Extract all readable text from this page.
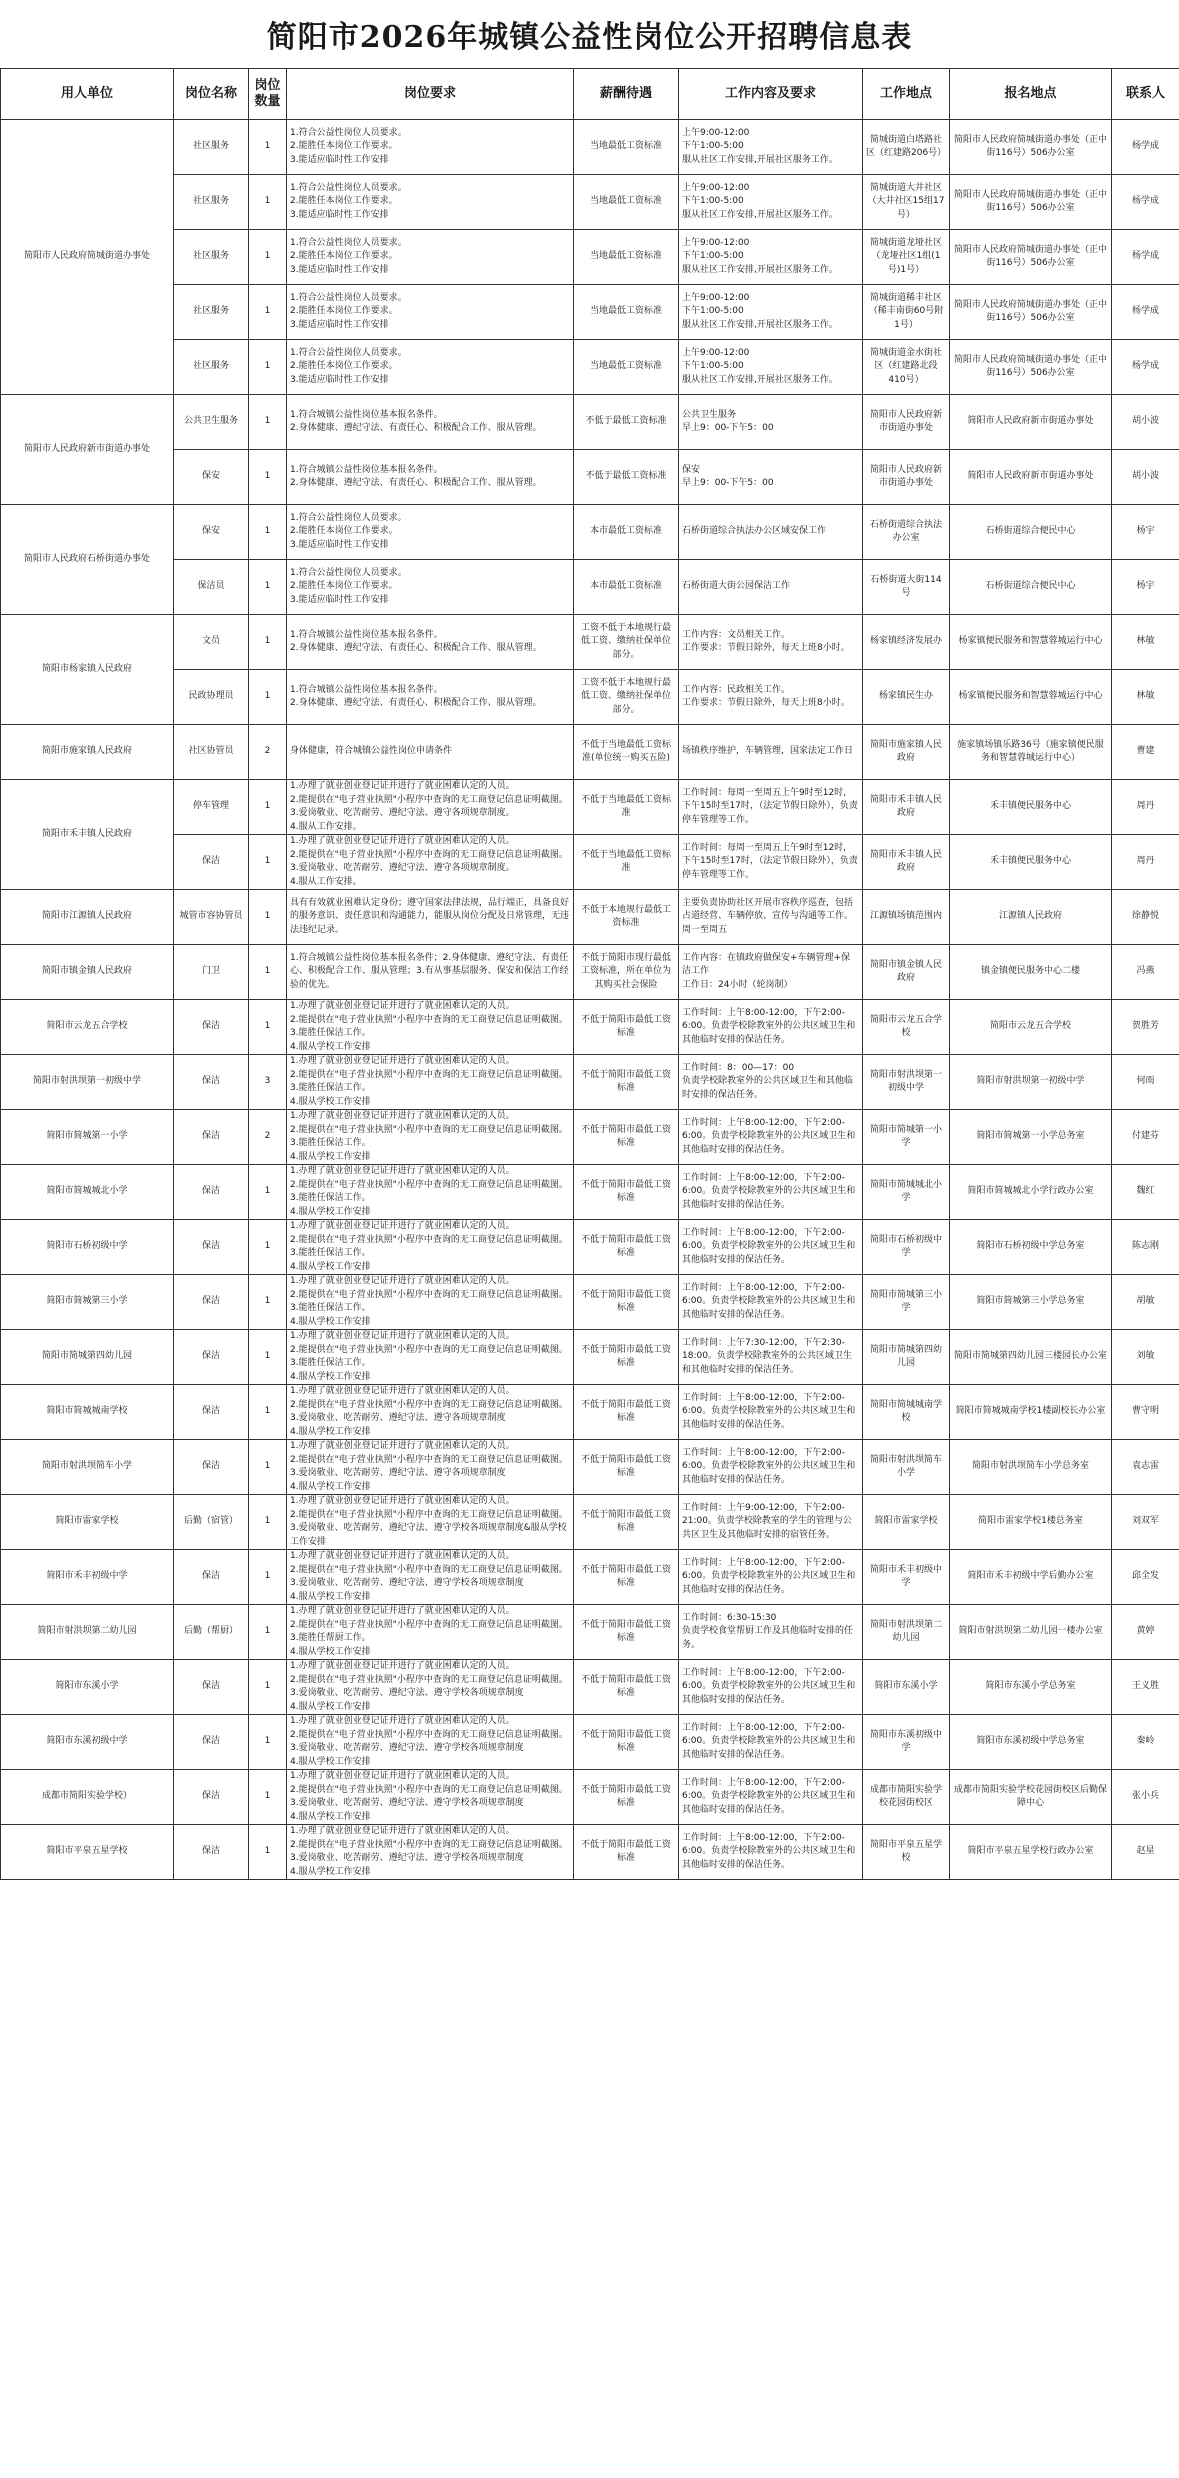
简阳市2026年城镇公益性岗位公开招聘信息表
用人单位	岗位名称	岗位数量	岗位要求	薪酬待遇	工作内容及要求	工作地点	报名地点	联系人
简阳市人民政府简城街道办事处	社区服务	1	1.符合公益性岗位人员要求。
2.能胜任本岗位工作要求。
3.能适应临时性工作安排	当地最低工资标准	上午9:00-12:00
下午1:00-5:00
服从社区工作安排,开展社区服务工作。	简城街道白塔路社区（红建路206号）	简阳市人民政府简城街道办事处（正中街116号）506办公室	杨学成
	社区服务	1	1.符合公益性岗位人员要求。
2.能胜任本岗位工作要求。
3.能适应临时性工作安排	当地最低工资标准	上午9:00-12:00
下午1:00-5:00
服从社区工作安排,开展社区服务工作。	简城街道大井社区（大井社区15组17号）	简阳市人民政府简城街道办事处（正中街116号）506办公室	杨学成
	社区服务	1	1.符合公益性岗位人员要求。
2.能胜任本岗位工作要求。
3.能适应临时性工作安排	当地最低工资标准	上午9:00-12:00
下午1:00-5:00
服从社区工作安排,开展社区服务工作。	简城街道龙垭社区（龙垭社区1组(1号)1号）	简阳市人民政府简城街道办事处（正中街116号）506办公室	杨学成
	社区服务	1	1.符合公益性岗位人员要求。
2.能胜任本岗位工作要求。
3.能适应临时性工作安排	当地最低工资标准	上午9:00-12:00
下午1:00-5:00
服从社区工作安排,开展社区服务工作。	简城街道稀丰社区（稀丰南街60号附1号）	简阳市人民政府简城街道办事处（正中街116号）506办公室	杨学成
	社区服务	1	1.符合公益性岗位人员要求。
2.能胜任本岗位工作要求。
3.能适应临时性工作安排	当地最低工资标准	上午9:00-12:00
下午1:00-5:00
服从社区工作安排,开展社区服务工作。	简城街道金水街社区（红建路北段410号）	简阳市人民政府简城街道办事处（正中街116号）506办公室	杨学成
简阳市人民政府新市街道办事处	公共卫生服务	1	1.符合城镇公益性岗位基本报名条件。
2.身体健康、遵纪守法、有责任心、积极配合工作、服从管理。	不低于最低工资标准	公共卫生服务
早上9：00-下午5：00	简阳市人民政府新市街道办事处	简阳市人民政府新市街道办事处	胡小波
	保安	1	1.符合城镇公益性岗位基本报名条件。
2.身体健康、遵纪守法、有责任心、积极配合工作、服从管理。	不低于最低工资标准	保安
早上9：00-下午5：00	简阳市人民政府新市街道办事处	简阳市人民政府新市街道办事处	胡小波
简阳市人民政府石桥街道办事处	保安	1	1.符合公益性岗位人员要求。
2.能胜任本岗位工作要求。
3.能适应临时性工作安排	本市最低工资标准	石桥街道综合执法办公区域安保工作	石桥街道综合执法办公室	石桥街道综合便民中心	杨宇
	保洁员	1	1.符合公益性岗位人员要求。
2.能胜任本岗位工作要求。
3.能适应临时性工作安排	本市最低工资标准	石桥街道大街公园保洁工作	石桥街道大街114号	石桥街道综合便民中心	杨宇
简阳市杨家镇人民政府	文员	1	1.符合城镇公益性岗位基本报名条件。
2.身体健康、遵纪守法、有责任心、积极配合工作、服从管理。	工资不低于本地规行最低工资、缴纳社保单位部分。	工作内容：文员相关工作。
工作要求：节假日除外，每天上班8小时。	杨家镇经济发展办	杨家镇便民服务和智慧蓉城运行中心	林敏
	民政协理员	1	1.符合城镇公益性岗位基本报名条件。
2.身体健康、遵纪守法、有责任心、积极配合工作、服从管理。	工资不低于本地规行最低工资、缴纳社保单位部分。	工作内容：民政相关工作。
工作要求：节假日除外，每天上班8小时。	杨家镇民生办	杨家镇便民服务和智慧蓉城运行中心	林敏
简阳市施家镇人民政府	社区协管员	2	身体健康，符合城镇公益性岗位申请条件	不低于当地最低工资标准(单位统一购买五险)	场镇秩序维护，车辆管理，国家法定工作日	简阳市施家镇人民政府	施家镇场镇乐路36号（施家镇便民服务和智慧蓉城运行中心）	曹建
简阳市禾丰镇人民政府	停车管理	1	1.办理了就业创业登记证并进行了就业困难认定的人员。
2.能提供在"电子营业执照"小程序中查询的无工商登记信息证明截图。
3.爱岗敬业、吃苦耐劳、遵纪守法、遵守各项规章制度。
4.服从工作安排。	不低于当地最低工资标准	工作时间：每周一至周五上午9时至12时，下午15时至17时，（法定节假日除外），负责停车管理等工作。	简阳市禾丰镇人民政府	禾丰镇便民服务中心	周丹
	保洁	1	1.办理了就业创业登记证并进行了就业困难认定的人员。
2.能提供在"电子营业执照"小程序中查询的无工商登记信息证明截图。
3.爱岗敬业、吃苦耐劳、遵纪守法、遵守各项规章制度。
4.服从工作安排。	不低于当地最低工资标准	工作时间：每周一至周五上午9时至12时，下午15时至17时，（法定节假日除外），负责停车管理等工作。	简阳市禾丰镇人民政府	禾丰镇便民服务中心	周丹
简阳市江源镇人民政府	城管市容协管员	1	具有有效就业困难认定身份；遵守国家法律法规，品行端正，具备良好的服务意识、责任意识和沟通能力，能服从岗位分配及日常管理，无违法违纪记录。	不低于本地规行最低工资标准	主要负责协助社区开展市容秩序巡查，包括占道经营、车辆停放、宣传与沟通等工作。周一至周五	江源镇场镇范围内	江源镇人民政府	徐静悦
简阳市镇金镇人民政府	门卫	1	1.符合城镇公益性岗位基本报名条件；2.身体健康、遵纪守法、有责任心、积极配合工作、服从管理；3.有从事基层服务、保安和保洁工作经验的优先。	不低于简阳市现行最低工资标准，所在单位为其购买社会保险	工作内容：在镇政府做保安+车辆管理+保洁工作
工作日：24小时（轮岗制）	简阳市镇金镇人民政府	镇金镇便民服务中心二楼	冯燕
简阳市云龙五合学校	保洁	1	1.办理了就业创业登记证并进行了就业困难认定的人员。
2.能提供在"电子营业执照"小程序中查询的无工商登记信息证明截图。
3.能胜任保洁工作。
4.服从学校工作安排	不低于简阳市最低工资标准	工作时间：上午8:00-12:00，下午2:00-6:00。负责学校除教室外的公共区域卫生和其他临时安排的保洁任务。	简阳市云龙五合学校	简阳市云龙五合学校	贺胜芳
简阳市射洪坝第一初级中学	保洁	3	1.办理了就业创业登记证并进行了就业困难认定的人员。
2.能提供在"电子营业执照"小程序中查询的无工商登记信息证明截图。
3.能胜任保洁工作。
4.服从学校工作安排	不低于简阳市最低工资标准	工作时间：8：00—17：00
负责学校除教室外的公共区域卫生和其他临时安排的保洁任务。	简阳市射洪坝第一初级中学	简阳市射洪坝第一初级中学	何雨
简阳市简城第一小学	保洁	2	1.办理了就业创业登记证并进行了就业困难认定的人员。
2.能提供在"电子营业执照"小程序中查询的无工商登记信息证明截图。
3.能胜任保洁工作。
4.服从学校工作安排	不低于简阳市最低工资标准	工作时间：上午8:00-12:00，下午2:00-6:00。负责学校除教室外的公共区域卫生和其他临时安排的保洁任务。	简阳市简城第一小学	简阳市简城第一小学总务室	付建芬
简阳市简城城北小学	保洁	1	1.办理了就业创业登记证并进行了就业困难认定的人员。
2.能提供在"电子营业执照"小程序中查询的无工商登记信息证明截图。
3.能胜任保洁工作。
4.服从学校工作安排	不低于简阳市最低工资标准	工作时间：上午8:00-12:00，下午2:00-6:00。负责学校除教室外的公共区域卫生和其他临时安排的保洁任务。	简阳市简城城北小学	简阳市简城城北小学行政办公室	魏红
简阳市石桥初级中学	保洁	1	1.办理了就业创业登记证并进行了就业困难认定的人员。
2.能提供在"电子营业执照"小程序中查询的无工商登记信息证明截图。
3.能胜任保洁工作。
4.服从学校工作安排	不低于简阳市最低工资标准	工作时间：上午8:00-12:00，下午2:00-6:00。负责学校除教室外的公共区域卫生和其他临时安排的保洁任务。	简阳市石桥初级中学	简阳市石桥初级中学总务室	陈志刚
简阳市简城第三小学	保洁	1	1.办理了就业创业登记证并进行了就业困难认定的人员。
2.能提供在"电子营业执照"小程序中查询的无工商登记信息证明截图。
3.能胜任保洁工作。
4.服从学校工作安排	不低于简阳市最低工资标准	工作时间：上午8:00-12:00，下午2:00-6:00。负责学校除教室外的公共区域卫生和其他临时安排的保洁任务。	简阳市简城第三小学	简阳市简城第三小学总务室	胡敏
简阳市简城第四幼儿园	保洁	1	1.办理了就业创业登记证并进行了就业困难认定的人员。
2.能提供在"电子营业执照"小程序中查询的无工商登记信息证明截图。
3.能胜任保洁工作。
4.服从学校工作安排	不低于简阳市最低工资标准	工作时间：上午7:30-12:00，下午2:30-18:00。负责学校除教室外的公共区域卫生和其他临时安排的保洁任务。	简阳市简城第四幼儿园	简阳市简城第四幼儿园三楼园长办公室	刘敏
简阳市简城城南学校	保洁	1	1.办理了就业创业登记证并进行了就业困难认定的人员。
2.能提供在"电子营业执照"小程序中查询的无工商登记信息证明截图。
3.爱岗敬业、吃苦耐劳、遵纪守法、遵守各项规章制度
4.服从学校工作安排	不低于简阳市最低工资标准	工作时间：上午8:00-12:00，下午2:00-6:00。负责学校除教室外的公共区域卫生和其他临时安排的保洁任务。	简阳市简城城南学校	简阳市简城城南学校1楼副校长办公室	曹守明
简阳市射洪坝简车小学	保洁	1	1.办理了就业创业登记证并进行了就业困难认定的人员。
2.能提供在"电子营业执照"小程序中查询的无工商登记信息证明截图。
3.爱岗敬业、吃苦耐劳、遵纪守法、遵守各项规章制度
4.服从学校工作安排	不低于简阳市最低工资标准	工作时间：上午8:00-12:00，下午2:00-6:00。负责学校除教室外的公共区域卫生和其他临时安排的保洁任务。	简阳市射洪坝简车小学	简阳市射洪坝简车小学总务室	袁志雷
简阳市雷家学校	后勤（宿管）	1	1.办理了就业创业登记证并进行了就业困难认定的人员。
2.能提供在"电子营业执照"小程序中查询的无工商登记信息证明截图。
3.爱岗敬业、吃苦耐劳、遵纪守法、遵守学校各项规章制度&服从学校工作安排	不低于简阳市最低工资标准	工作时间：上午9:00-12:00，下午2:00-21:00。负责学校除教室的学生的管理与公共区卫生及其他临时安排的宿管任务。	简阳市雷家学校	简阳市雷家学校1楼总务室	刘双军
简阳市禾丰初级中学	保洁	1	1.办理了就业创业登记证并进行了就业困难认定的人员。
2.能提供在"电子营业执照"小程序中查询的无工商登记信息证明截图。
3.爱岗敬业、吃苦耐劳、遵纪守法、遵守学校各项规章制度
4.服从学校工作安排	不低于简阳市最低工资标准	工作时间：上午8:00-12:00，下午2:00-6:00。负责学校除教室外的公共区域卫生和其他临时安排的保洁任务。	简阳市禾丰初级中学	简阳市禾丰初级中学后勤办公室	邱全发
简阳市射洪坝第二幼儿园	后勤（帮厨）	1	1.办理了就业创业登记证并进行了就业困难认定的人员。
2.能提供在"电子营业执照"小程序中查询的无工商登记信息证明截图。
3.能胜任帮厨工作。
4.服从学校工作安排	不低于简阳市最低工资标准	工作时间：6:30-15:30
负责学校食堂帮厨工作及其他临时安排的任务。	简阳市射洪坝第二幼儿园	简阳市射洪坝第二幼儿园一楼办公室	黄婷
简阳市东溪小学	保洁	1	1.办理了就业创业登记证并进行了就业困难认定的人员。
2.能提供在"电子营业执照"小程序中查询的无工商登记信息证明截图。
3.爱岗敬业、吃苦耐劳、遵纪守法、遵守学校各项规章制度
4.服从学校工作安排	不低于简阳市最低工资标准	工作时间：上午8:00-12:00，下午2:00-6:00。负责学校除教室外的公共区域卫生和其他临时安排的保洁任务。	简阳市东溪小学	简阳市东溪小学总务室	王义胜
简阳市东溪初级中学	保洁	1	1.办理了就业创业登记证并进行了就业困难认定的人员。
2.能提供在"电子营业执照"小程序中查询的无工商登记信息证明截图。
3.爱岗敬业、吃苦耐劳、遵纪守法、遵守学校各项规章制度
4.服从学校工作安排	不低于简阳市最低工资标准	工作时间：上午8:00-12:00，下午2:00-6:00。负责学校除教室外的公共区域卫生和其他临时安排的保洁任务。	简阳市东溪初级中学	简阳市东溪初级中学总务室	秦岭
成都市简阳实验学校）	保洁	1	1.办理了就业创业登记证并进行了就业困难认定的人员。
2.能提供在"电子营业执照"小程序中查询的无工商登记信息证明截图。
3.爱岗敬业、吃苦耐劳、遵纪守法、遵守学校各项规章制度
4.服从学校工作安排	不低于简阳市最低工资标准	工作时间：上午8:00-12:00，下午2:00-6:00。负责学校除教室外的公共区域卫生和其他临时安排的保洁任务。	成都市简阳实验学校花园街校区	成都市简阳实验学校花园街校区后勤保障中心	张小兵
简阳市平泉五星学校	保洁	1	1.办理了就业创业登记证并进行了就业困难认定的人员。
2.能提供在"电子营业执照"小程序中查询的无工商登记信息证明截图。
3.爱岗敬业、吃苦耐劳、遵纪守法、遵守学校各项规章制度
4.服从学校工作安排	不低于简阳市最低工资标准	工作时间：上午8:00-12:00，下午2:00-6:00。负责学校除教室外的公共区域卫生和其他临时安排的保洁任务。	简阳市平泉五星学校	简阳市平泉五星学校行政办公室	赵星
